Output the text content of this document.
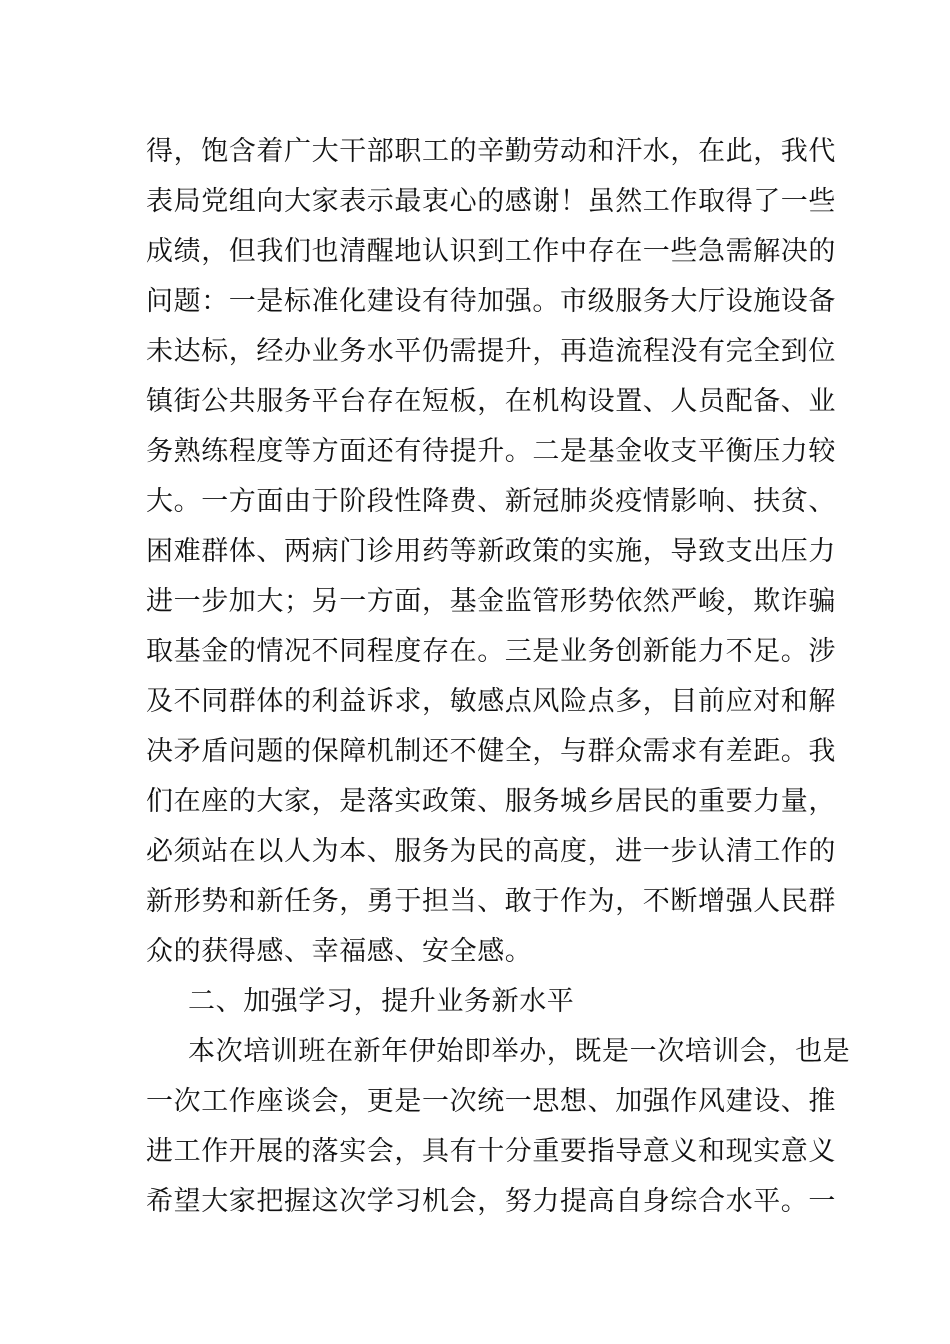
得，饱含着广大干部职工的辛勤劳动和汗水，在此，我代
表局党组向大家表示最衷心的感谢！虽然工作取得了一些
成绩，但我们也清醒地认识到工作中存在一些急需解决的
问题：一是标准化建设有待加强。市级服务大厅设施设备
未达标，经办业务水平仍需提升，再造流程没有完全到位
镇街公共服务平台存在短板，在机构设置、人员配备、业
务熟练程度等方面还有待提升。二是基金收支平衡压力较
大。一方面由于阶段性降费、新冠肺炎疫情影响、扶贫、
困难群体、两病门诊用药等新政策的实施，导致支出压力
进一步加大；另一方面，基金监管形势依然严峻，欺诈骗
取基金的情况不同程度存在。三是业务创新能力不足。涉
及不同群体的利益诉求，敏感点风险点多，目前应对和解
决矛盾问题的保障机制还不健全，与群众需求有差距。我
们在座的大家，是落实政策、服务城乡居民的重要力量，
必须站在以人为本、服务为民的高度，进一步认清工作的
新形势和新任务，勇于担当、敢于作为，不断增强人民群
众的获得感、幸福感、安全感。
二、加强学习，提升业务新水平
本次培训班在新年伊始即举办，既是一次培训会，也是
一次工作座谈会，更是一次统一思想、加强作风建设、推
进工作开展的落实会，具有十分重要指导意义和现实意义
希望大家把握这次学习机会，努力提高自身综合水平。一
